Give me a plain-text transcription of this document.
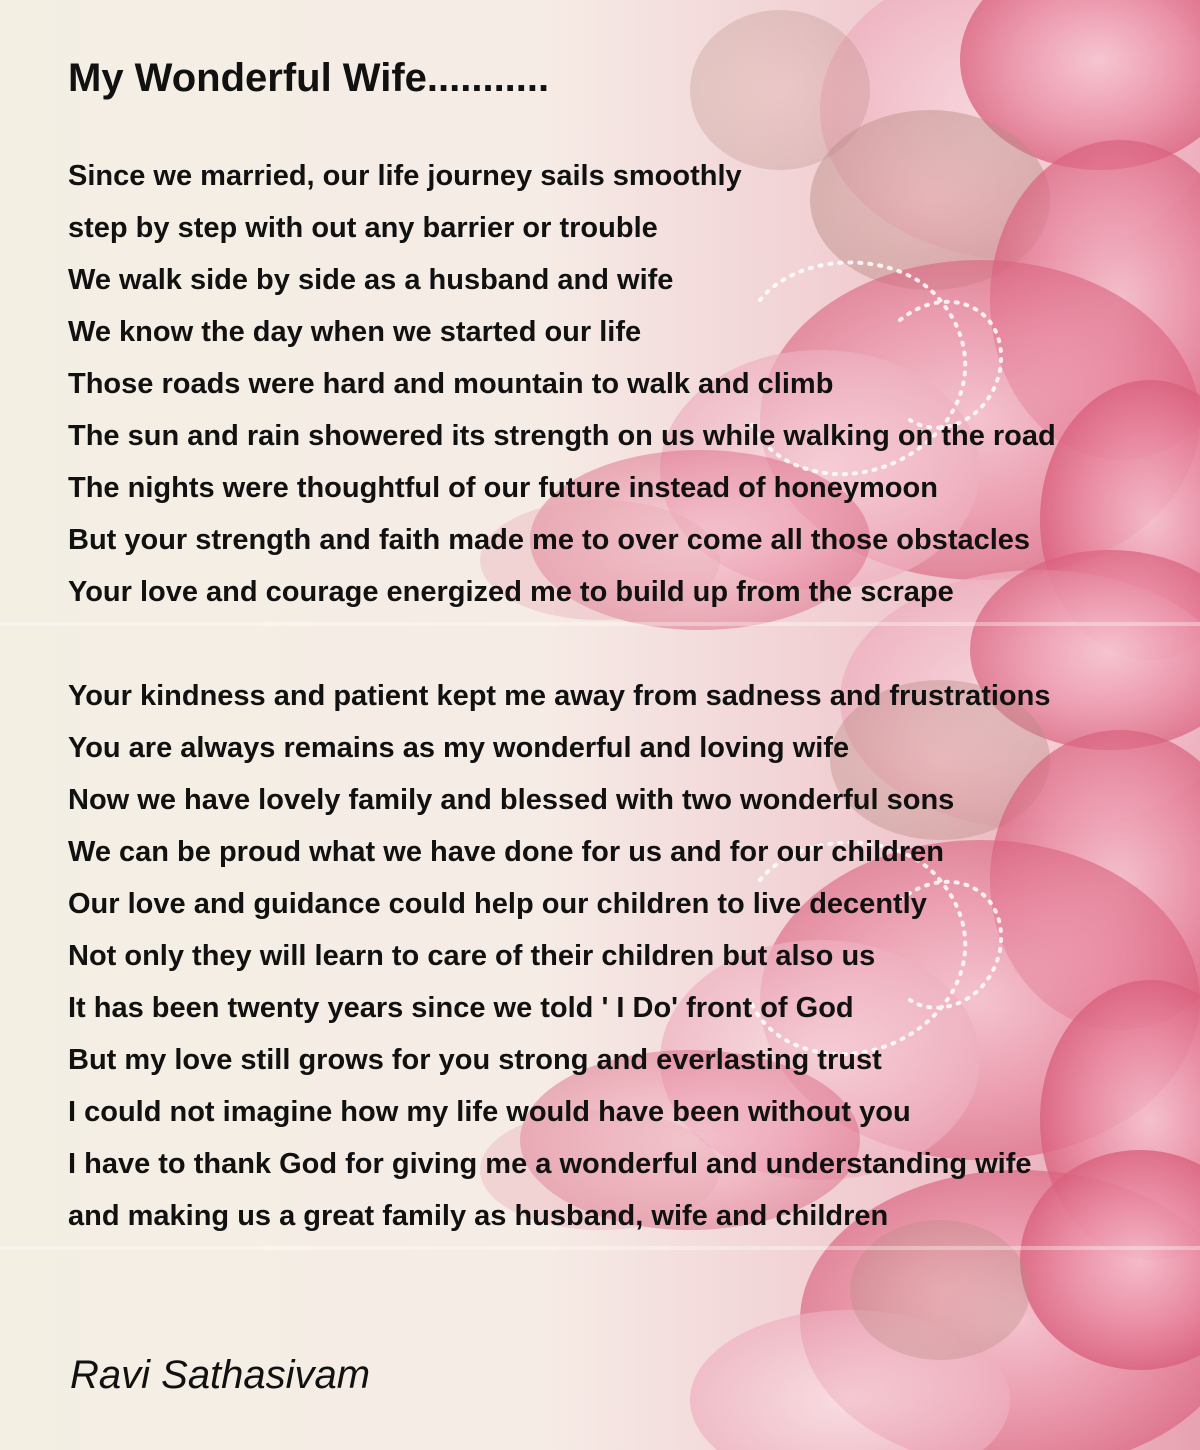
My Wonderful Wife...........
Since we married, our life journey sails smoothly
step by step with out any barrier or trouble
We walk side by side as a husband and wife
We know the day when we started our life
Those roads were hard and mountain to walk and climb
The sun and rain showered its strength on us while walking on the road
The nights were thoughtful of our future instead of honeymoon
But your strength and faith made me to over come all those obstacles
Your love and courage energized me to build up from the scrape
Your kindness and patient kept me away from sadness and frustrations
You are always remains as my wonderful and loving wife
Now we have lovely family and blessed with two wonderful sons
We can be proud what we have done for us and for our children
Our love and guidance could help our children to live decently
Not only they will learn to care of their children but also us
It has been twenty years since we told ' I Do' front of God
But my love still grows for you strong and everlasting trust
I could not imagine how my life would have been without you
I have to thank God for giving me a wonderful and understanding wife
and making us a great family as husband, wife and children
Ravi Sathasivam
